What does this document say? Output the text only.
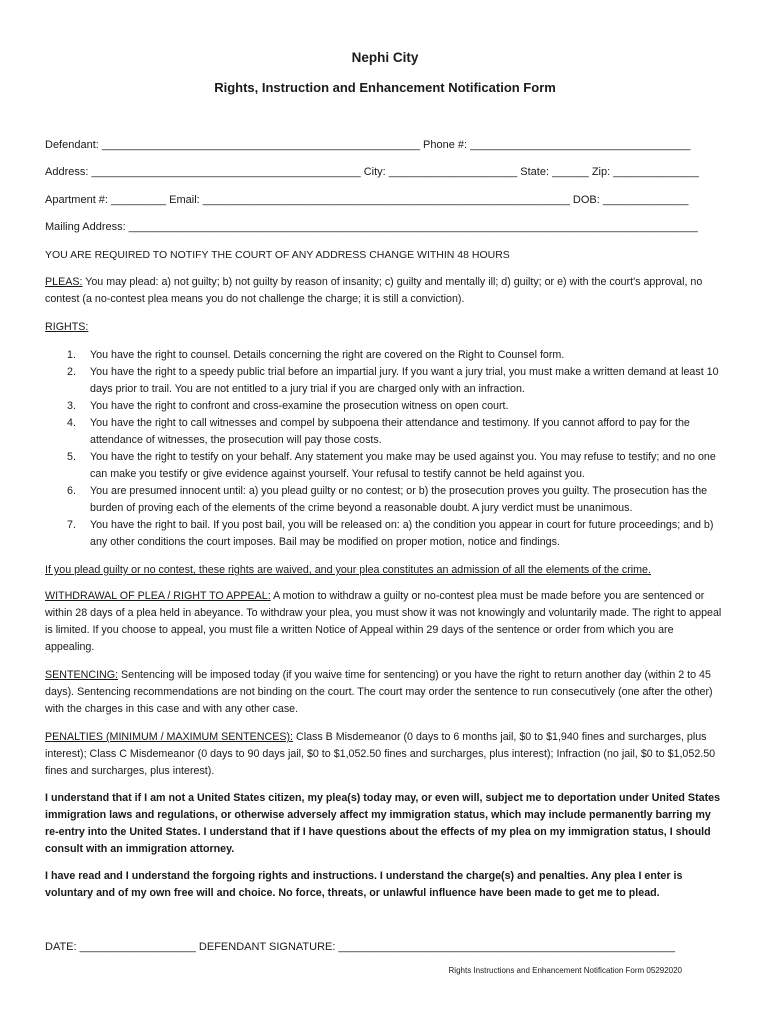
Nephi City
Rights, Instruction and Enhancement Notification Form
Defendant: ____________________________________________________ Phone #: ____________________________________
Address: ____________________________________________ City: _____________________ State: ______ Zip: ______________
Apartment #: _________ Email: ____________________________________________________________ DOB: ______________
Mailing Address: _____________________________________________________________________________________________
YOU ARE REQUIRED TO NOTIFY THE COURT OF ANY ADDRESS CHANGE WITHIN 48 HOURS
PLEAS: You may plead: a) not guilty; b) not guilty by reason of insanity; c) guilty and mentally ill; d) guilty; or e) with the court's approval, no contest (a no-contest plea means you do not challenge the charge; it is still a conviction).
RIGHTS:
1. You have the right to counsel. Details concerning the right are covered on the Right to Counsel form.
2. You have the right to a speedy public trial before an impartial jury. If you want a jury trial, you must make a written demand at least 10 days prior to trail. You are not entitled to a jury trial if you are charged only with an infraction.
3. You have the right to confront and cross-examine the prosecution witness on open court.
4. You have the right to call witnesses and compel by subpoena their attendance and testimony. If you cannot afford to pay for the attendance of witnesses, the prosecution will pay those costs.
5. You have the right to testify on your behalf. Any statement you make may be used against you. You may refuse to testify; and no one can make you testify or give evidence against yourself. Your refusal to testify cannot be held against you.
6. You are presumed innocent until: a) you plead guilty or no contest; or b) the prosecution proves you guilty. The prosecution has the burden of proving each of the elements of the crime beyond a reasonable doubt. A jury verdict must be unanimous.
7. You have the right to bail. If you post bail, you will be released on: a) the condition you appear in court for future proceedings; and b) any other conditions the court imposes. Bail may be modified on proper motion, notice and findings.
If you plead guilty or no contest, these rights are waived, and your plea constitutes an admission of all the elements of the crime.
WITHDRAWAL OF PLEA / RIGHT TO APPEAL: A motion to withdraw a guilty or no-contest plea must be made before you are sentenced or within 28 days of a plea held in abeyance. To withdraw your plea, you must show it was not knowingly and voluntarily made. The right to appeal is limited. If you choose to appeal, you must file a written Notice of Appeal within 29 days of the sentence or order from which you are appealing.
SENTENCING: Sentencing will be imposed today (if you waive time for sentencing) or you have the right to return another day (within 2 to 45 days). Sentencing recommendations are not binding on the court. The court may order the sentence to run consecutively (one after the other) with the charges in this case and with any other case.
PENALTIES (MINIMUM / MAXIMUM SENTENCES): Class B Misdemeanor (0 days to 6 months jail, $0 to $1,940 fines and surcharges, plus interest); Class C Misdemeanor (0 days to 90 days jail, $0 to $1,052.50 fines and surcharges, plus interest); Infraction (no jail, $0 to $1,052.50 fines and surcharges, plus interest).
I understand that if I am not a United States citizen, my plea(s) today may, or even will, subject me to deportation under United States immigration laws and regulations, or otherwise adversely affect my immigration status, which may include permanently barring my re-entry into the United States. I understand that if I have questions about the effects of my plea on my immigration status, I should consult with an immigration attorney.
I have read and I understand the forgoing rights and instructions. I understand the charge(s) and penalties. Any plea I enter is voluntary and of my own free will and choice. No force, threats, or unlawful influence have been made to get me to plead.
DATE: ___________________ DEFENDANT SIGNATURE: _______________________________________________________
Rights Instructions and Enhancement Notification Form 05292020
